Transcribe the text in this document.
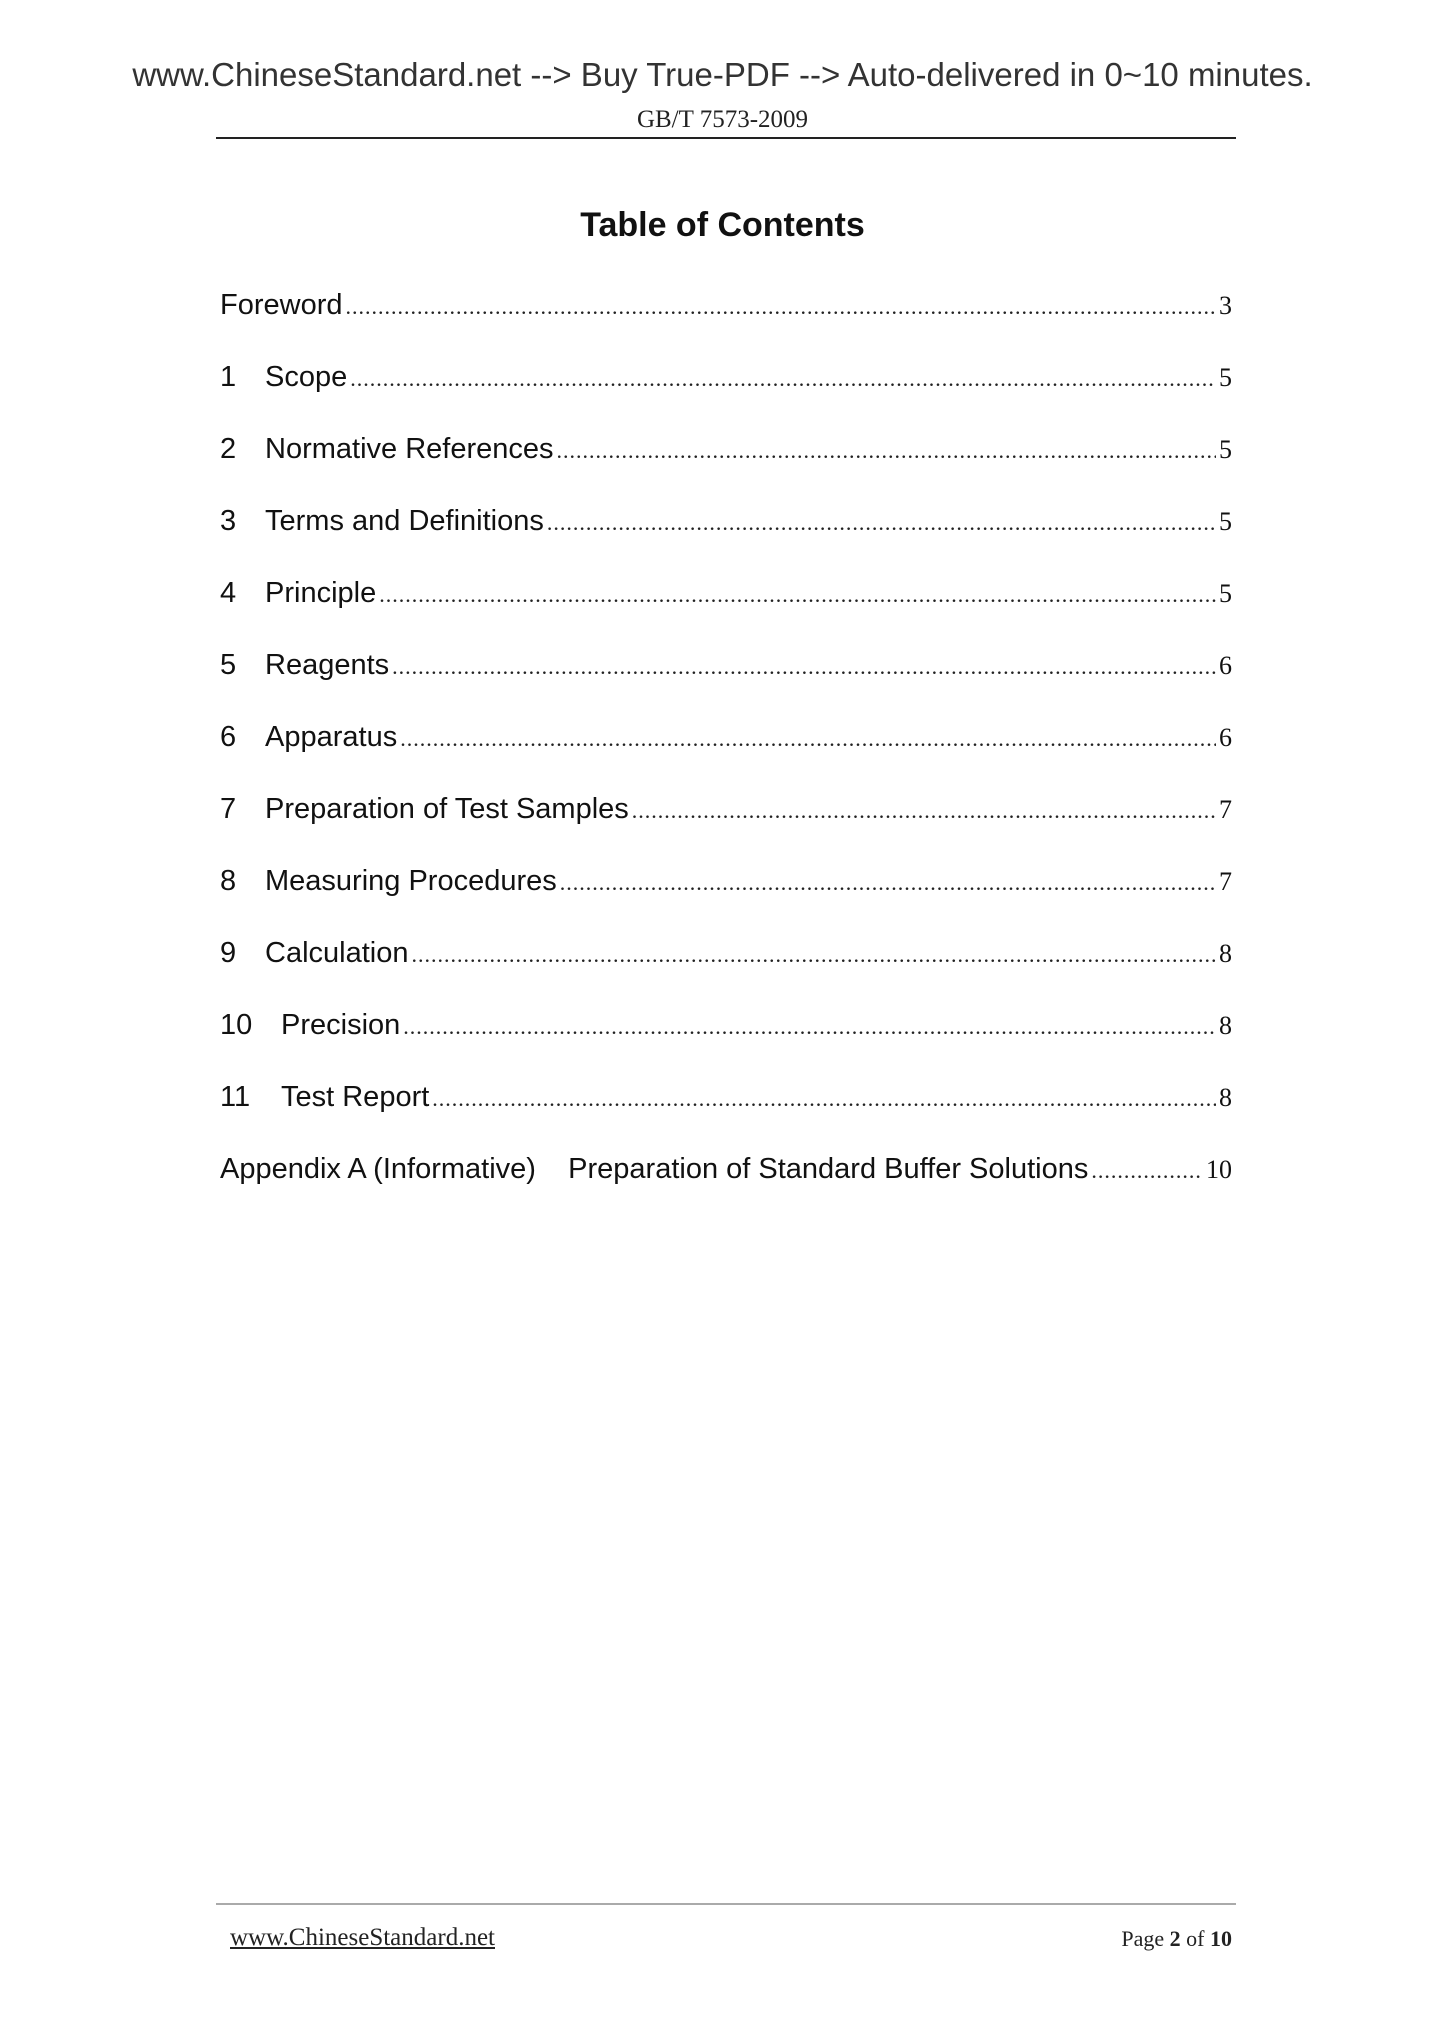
www.ChineseStandard.net --> Buy True-PDF --> Auto-delivered in 0~10 minutes.
GB/T 7573-2009
Table of Contents
Foreword .....	3
1 Scope .....	5
2 Normative References .....	5
3 Terms and Definitions .....	5
4 Principle .....	5
5 Reagents .....	6
6 Apparatus .....	6
7 Preparation of Test Samples .....	7
8 Measuring Procedures .....	7
9 Calculation .....	8
10 Precision .....	8
11	Test Report .....	8
Appendix A (Informative)    Preparation of Standard Buffer Solutions .....	10
www.ChineseStandard.net	Page 2 of 10
